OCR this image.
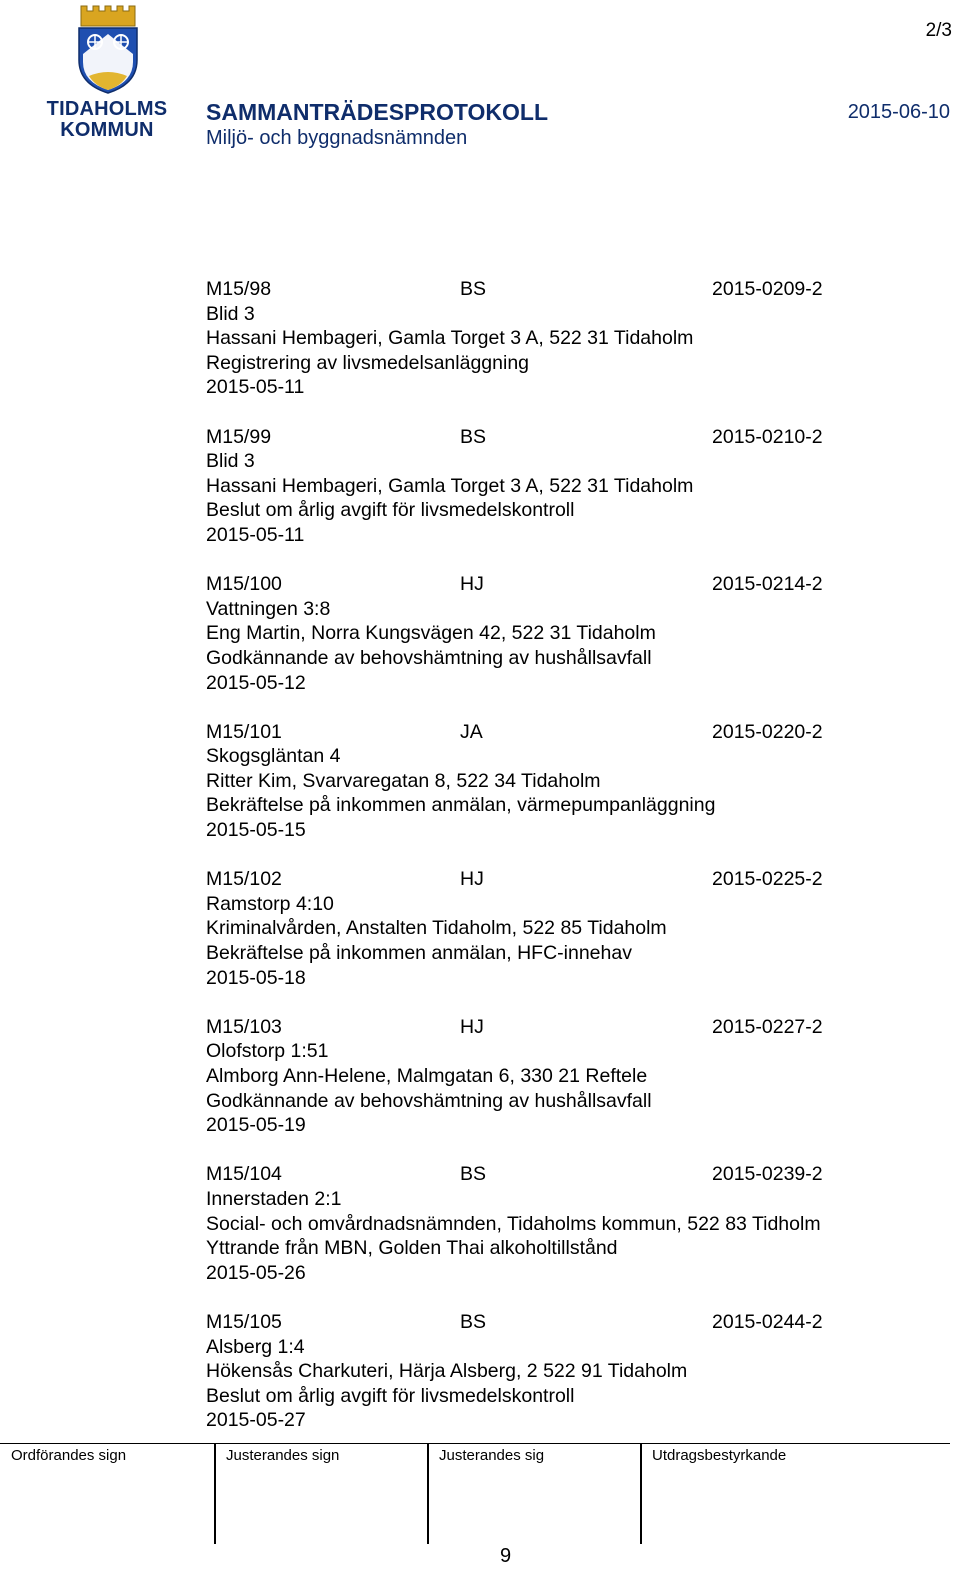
2/3
TIDAHOLMS
KOMMUN
SAMMANTRÄDESPROTOKOLL	2015-06-10
Miljö- och byggnadsnämnden
M15/98	BS	2015-0209-2
Blid 3
Hassani Hembageri, Gamla Torget 3 A, 522 31 Tidaholm
Registrering av livsmedelsanläggning
2015-05-11
M15/99	BS	2015-0210-2
Blid 3
Hassani Hembageri, Gamla Torget 3 A, 522 31 Tidaholm
Beslut om årlig avgift för livsmedelskontroll
2015-05-11
M15/100	HJ	2015-0214-2
Vattningen 3:8
Eng Martin, Norra Kungsvägen 42, 522 31 Tidaholm
Godkännande av behovshämtning av hushållsavfall
2015-05-12
M15/101	JA	2015-0220-2
Skogsgläntan 4
Ritter Kim, Svarvaregatan 8, 522 34 Tidaholm
Bekräftelse på inkommen anmälan, värmepumpanläggning
2015-05-15
M15/102	HJ	2015-0225-2
Ramstorp 4:10
Kriminalvården, Anstalten Tidaholm, 522 85 Tidaholm
Bekräftelse på inkommen anmälan, HFC-innehav
2015-05-18
M15/103	HJ	2015-0227-2
Olofstorp 1:51
Almborg Ann-Helene, Malmgatan 6, 330 21 Reftele
Godkännande av behovshämtning av hushållsavfall
2015-05-19
M15/104	BS	2015-0239-2
Innerstaden 2:1
Social- och omvårdnadsnämnden, Tidaholms kommun, 522 83 Tidholm
Yttrande från MBN, Golden Thai alkoholtillstånd
2015-05-26
M15/105	BS	2015-0244-2
Alsberg 1:4
Hökensås Charkuteri, Härja Alsberg, 2 522 91 Tidaholm
Beslut om årlig avgift för livsmedelskontroll
2015-05-27
Ordförandes sign	Justerandes sign	Justerandes sig	Utdragsbestyrkande
9
